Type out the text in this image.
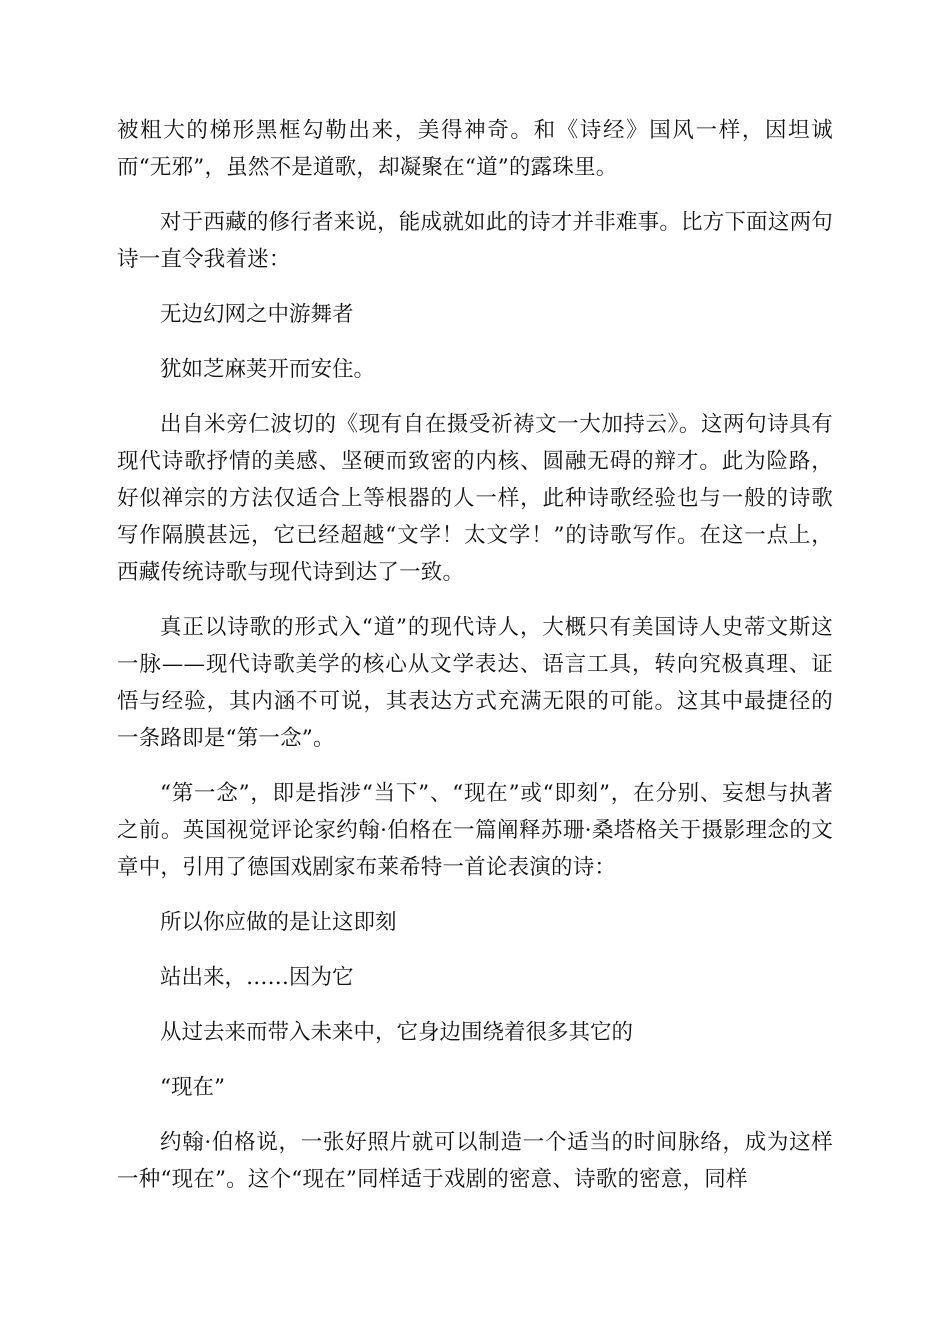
被粗大的梯形黑框勾勒出来，美得神奇。和《诗经》国风一样，因坦诚而“无邪”，虽然不是道歌，却凝聚在“道”的露珠里。

对于西藏的修行者来说，能成就如此的诗才并非难事。比方下面这两句诗一直令我着迷：

无边幻网之中游舞者

犹如芝麻荚开而安住。

出自米旁仁波切的《现有自在摄受祈祷文一大加持云》。这两句诗具有现代诗歌抒情的美感、坚硬而致密的内核、圆融无碍的辩才。此为险路，好似禅宗的方法仅适合上等根器的人一样，此种诗歌经验也与一般的诗歌写作隔膜甚远，它已经超越“文学！太文学！”的诗歌写作。在这一点上，西藏传统诗歌与现代诗到达了一致。

真正以诗歌的形式入“道”的现代诗人，大概只有美国诗人史蒂文斯这一脉——现代诗歌美学的核心从文学表达、语言工具，转向究极真理、证悟与经验，其内涵不可说，其表达方式充满无限的可能。这其中最捷径的一条路即是“第一念”。

“第一念”，即是指涉“当下”、“现在”或“即刻”，在分别、妄想与执著之前。英国视觉评论家约翰·伯格在一篇阐释苏珊·桑塔格关于摄影理念的文章中，引用了德国戏剧家布莱希特一首论表演的诗：

所以你应做的是让这即刻

站出来，……因为它

从过去来而带入未来中，它身边围绕着很多其它的

“现在”

约翰·伯格说，一张好照片就可以制造一个适当的时间脉络，成为这样一种“现在”。这个“现在”同样适于戏剧的密意、诗歌的密意，同样
